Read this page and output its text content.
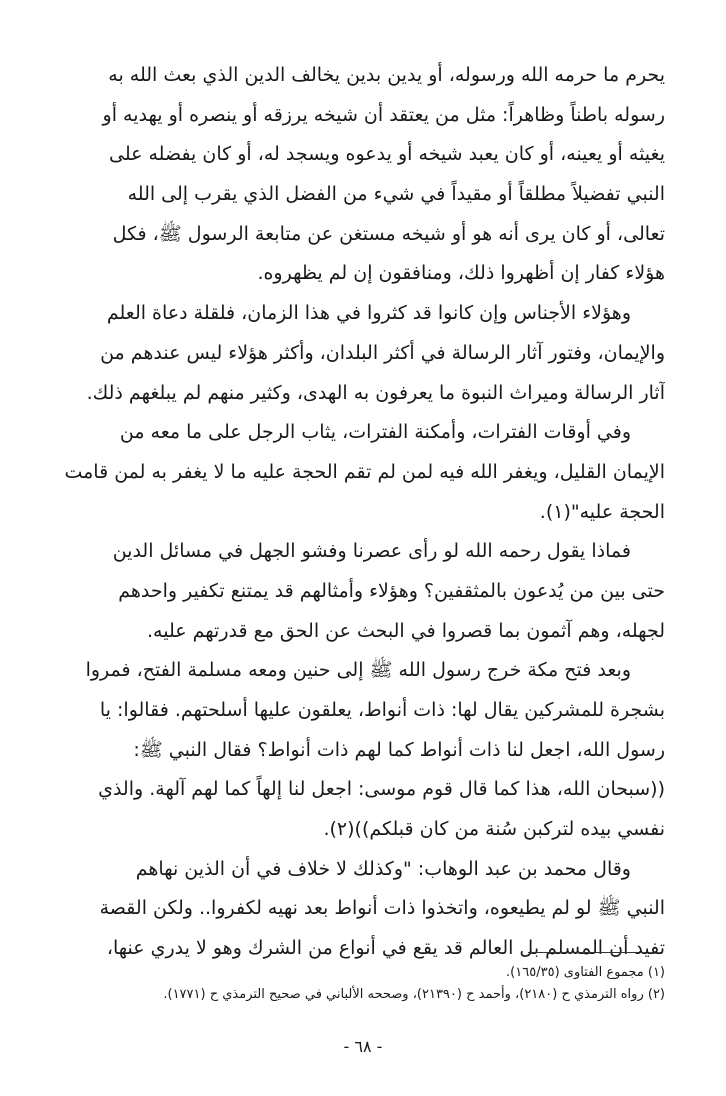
يحرم ما حرمه الله ورسوله، أو يدين بدين يخالف الدين الذي بعث الله به
رسوله باطناً وظاهراً: مثل من يعتقد أن شيخه يرزقه أو ينصره أو يهديه أو
يغيثه أو يعينه، أو كان يعبد شيخه أو يدعوه ويسجد له، أو كان يفضله على
النبي تفضيلاً مطلقاً أو مقيداً في شيء من الفضل الذي يقرب إلى الله
تعالى، أو كان يرى أنه هو أو شيخه مستغن عن متابعة الرسول ﷺ، فكل
هؤلاء كفار إن أظهروا ذلك، ومنافقون إن لم يظهروه.
وهؤلاء الأجناس وإن كانوا قد كثروا في هذا الزمان، فلقلة دعاة العلم
والإيمان، وفتور آثار الرسالة في أكثر البلدان، وأكثر هؤلاء ليس عندهم من
آثار الرسالة وميراث النبوة ما يعرفون به الهدى، وكثير منهم لم يبلغهم ذلك.
وفي أوقات الفترات، وأمكنة الفترات، يثاب الرجل على ما معه من
الإيمان القليل، ويغفر الله فيه لمن لم تقم الحجة عليه ما لا يغفر به لمن قامت
الحجة عليه"(١).
فماذا يقول رحمه الله لو رأى عصرنا وفشو الجهل في مسائل الدين
حتى بين من يُدعون بالمثقفين؟ وهؤلاء وأمثالهم قد يمتنع تكفير واحدهم
لجهله، وهم آثمون بما قصروا في البحث عن الحق مع قدرتهم عليه.
وبعد فتح مكة خرج رسول الله ﷺ إلى حنين ومعه مسلمة الفتح، فمروا
بشجرة للمشركين يقال لها: ذات أنواط، يعلقون عليها أسلحتهم. فقالوا: يا
رسول الله، اجعل لنا ذات أنواط كما لهم ذات أنواط؟ فقال النبي ﷺ:
((سبحان الله، هذا كما قال قوم موسى: اجعل لنا إلهاً كما لهم آلهة. والذي
نفسي بيده لتركبن سُنة من كان قبلكم))(٢).
وقال محمد بن عبد الوهاب: "وكذلك لا خلاف في أن الذين نهاهم
النبي ﷺ لو لم يطيعوه، واتخذوا ذات أنواط بعد نهيه لكفروا.. ولكن القصة
تفيد أن المسلم بل العالم قد يقع في أنواع من الشرك وهو لا يدري عنها،
(١) مجموع الفتاوى (١٦٥/٣٥).
(٢) رواه الترمذي ح (٢١٨٠)، وأحمد ح (٢١٣٩٠)، وصححه الألباني في صحيح الترمذي ح (١٧٧١).
- ٦٨ -
